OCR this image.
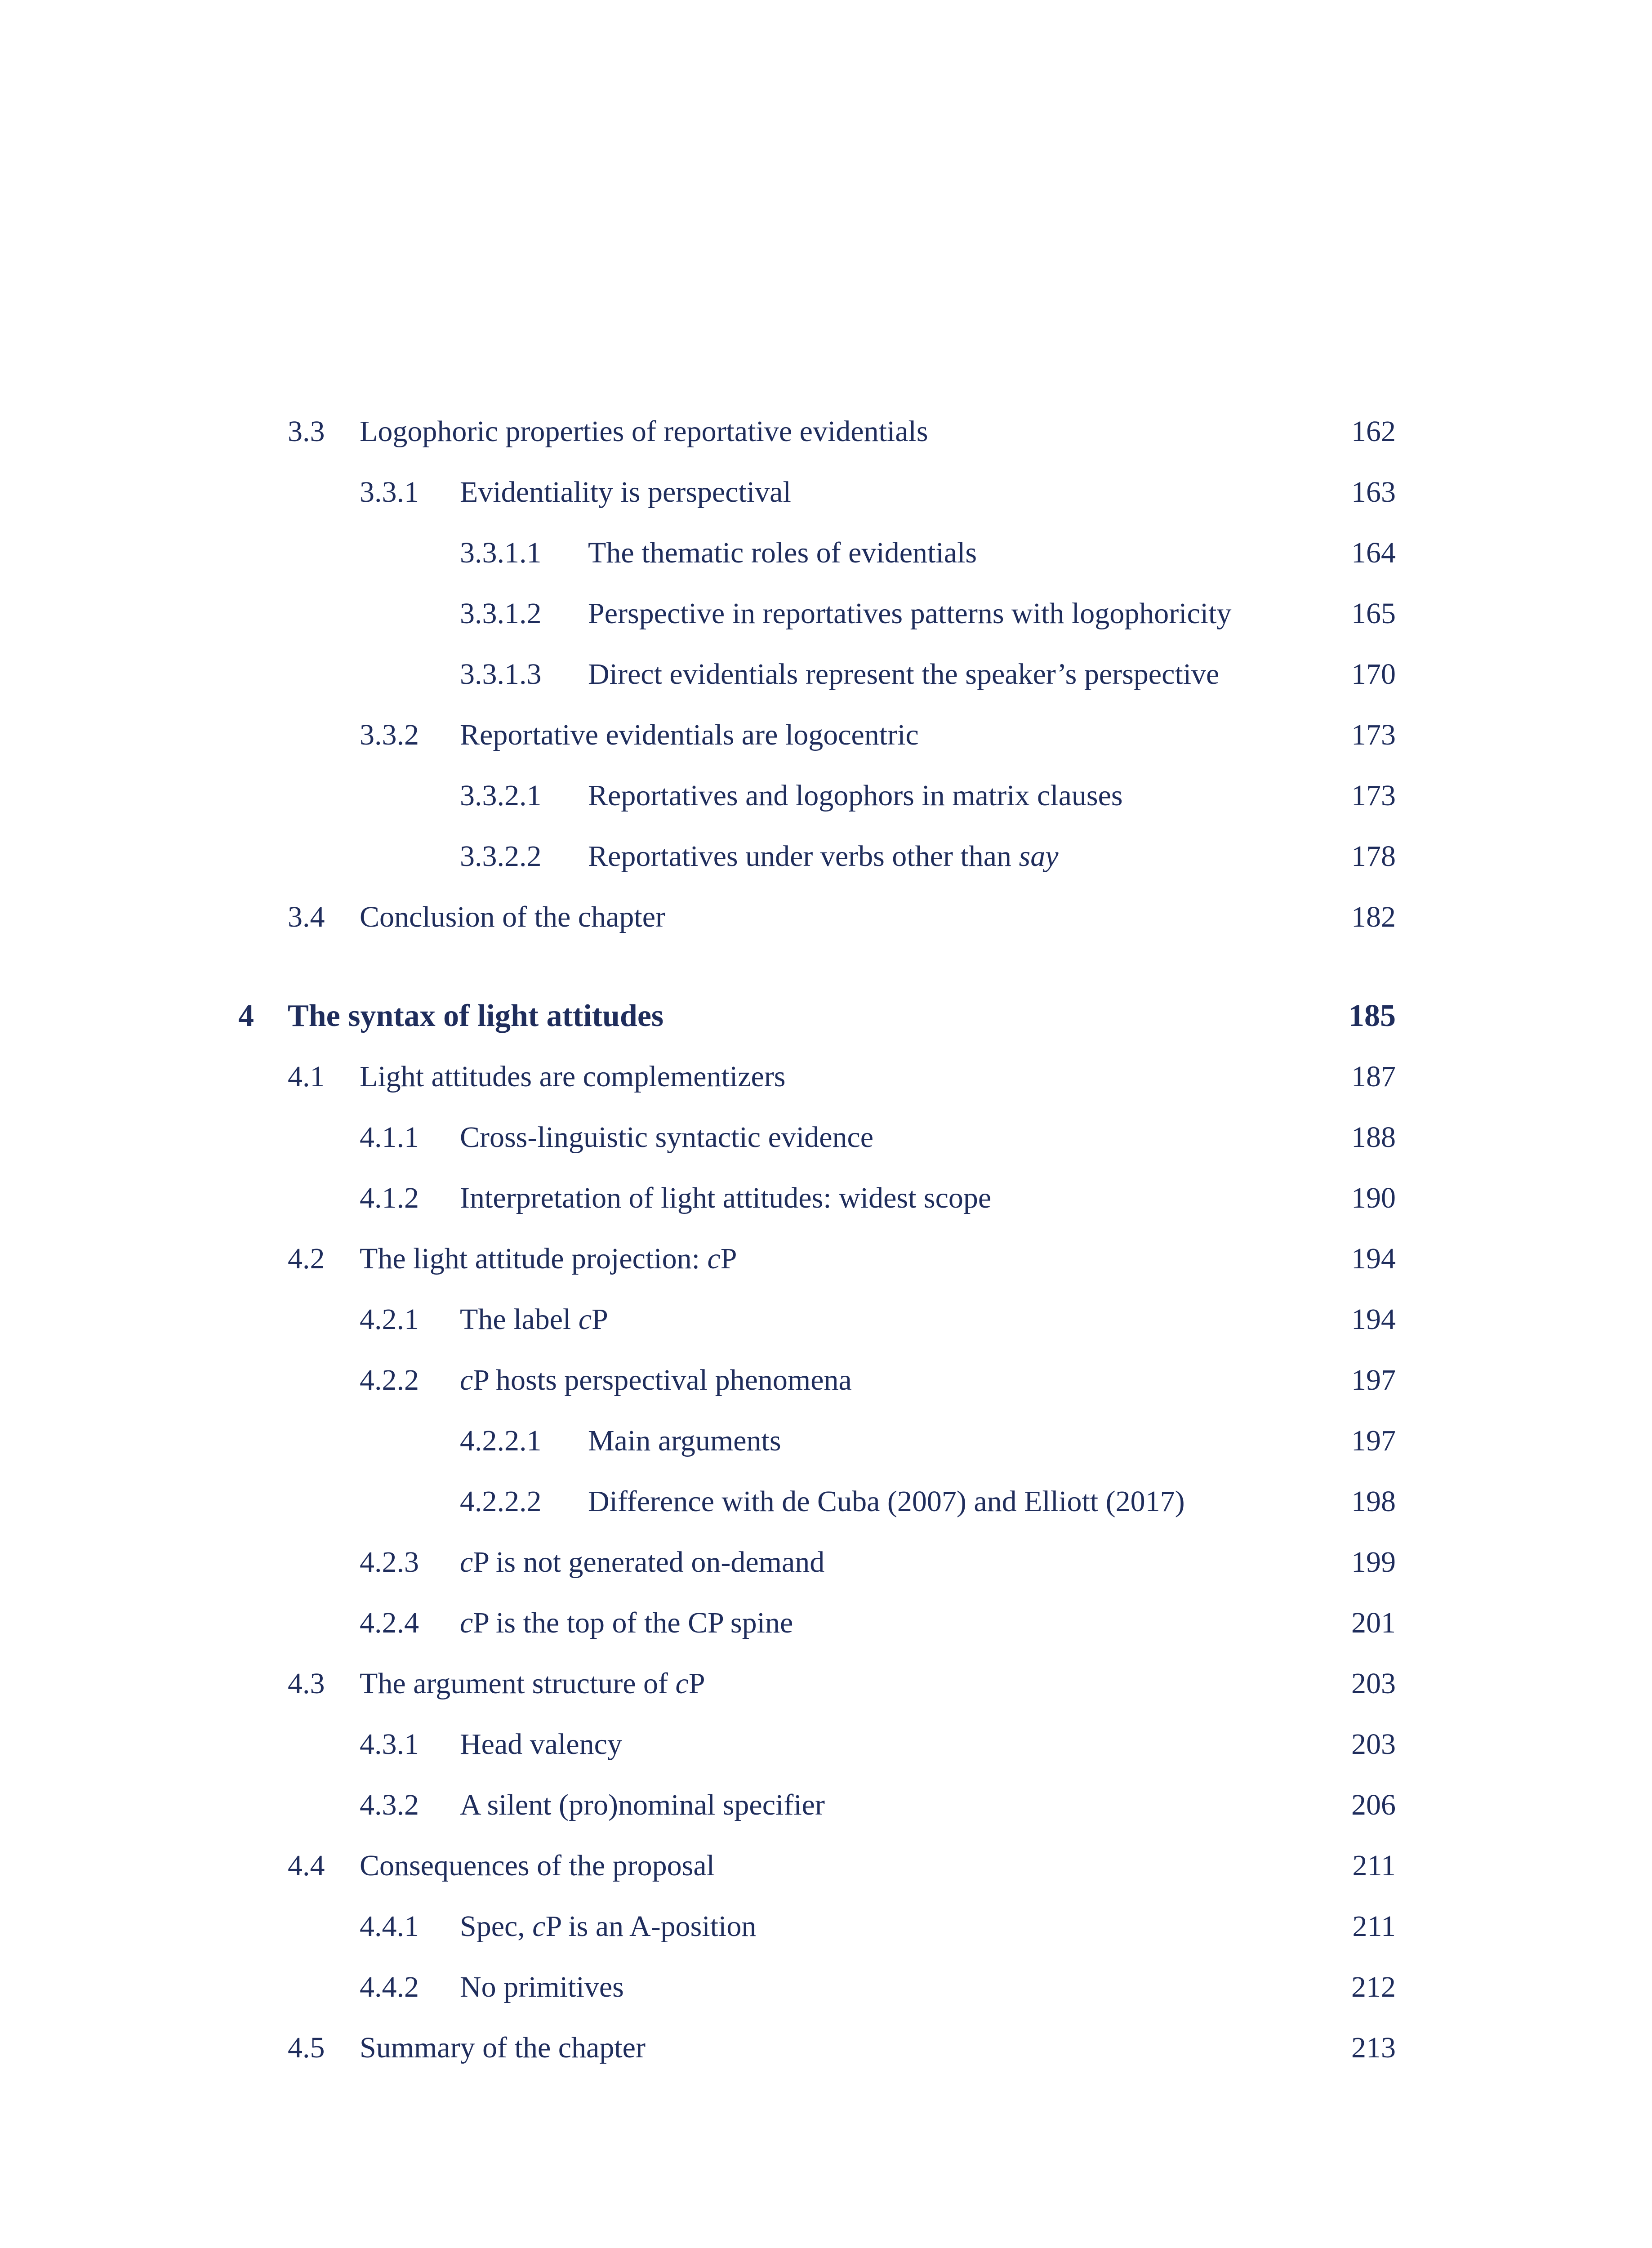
3.3 Logophoric properties of reportative evidentials	162
3.3.1 Evidentiality is perspectival	163
3.3.1.1 The thematic roles of evidentials	164
3.3.1.2 Perspective in reportatives patterns with logophoricity	165
3.3.1.3 Direct evidentials represent the speaker’s perspective	170
3.3.2 Reportative evidentials are logocentric	173
3.3.2.1 Reportatives and logophors in matrix clauses	173
3.3.2.2 Reportatives under verbs other than say	178
3.4 Conclusion of the chapter	182
4 The syntax of light attitudes	185
4.1 Light attitudes are complementizers	187
4.1.1 Cross-linguistic syntactic evidence	188
4.1.2 Interpretation of light attitudes: widest scope	190
4.2 The light attitude projection: cP	194
4.2.1 The label cP	194
4.2.2 cP hosts perspectival phenomena	197
4.2.2.1 Main arguments	197
4.2.2.2 Difference with de Cuba (2007) and Elliott (2017)	198
4.2.3 cP is not generated on-demand	199
4.2.4 cP is the top of the CP spine	201
4.3 The argument structure of cP	203
4.3.1 Head valency	203
4.3.2 A silent (pro)nominal specifier	206
4.4 Consequences of the proposal	211
4.4.1 Spec, cP is an A-position	211
4.4.2 No primitives	212
4.5 Summary of the chapter	213
